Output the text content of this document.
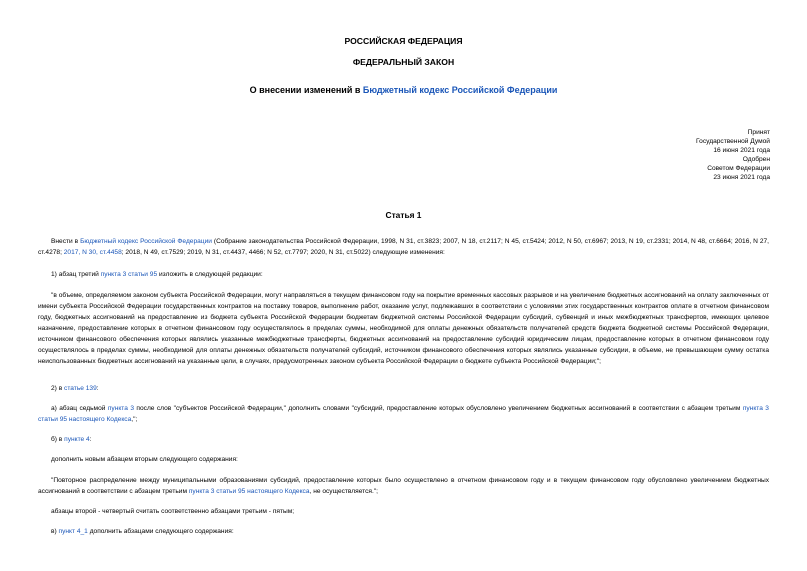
РОССИЙСКАЯ ФЕДЕРАЦИЯ
ФЕДЕРАЛЬНЫЙ ЗАКОН
О внесении изменений в Бюджетный кодекс Российской Федерации
Принят
Государственной Думой
16 июня 2021 года
Одобрен
Советом Федерации
23 июня 2021 года
Статья 1

Внести в Бюджетный кодекс Российской Федерации (Собрание законодательства Российской Федерации, 1998, N 31, ст.3823; 2007, N 18, ст.2117; N 45, ст.5424; 2012, N 50, ст.6967; 2013, N 19, ст.2331; 2014, N 48, ст.6664; 2016, N 27, ст.4278; 2017, N 30, ст.4458; 2018, N 49, ст.7529; 2019, N 31, ст.4437, 4466; N 52, ст.7797; 2020, N 31, ст.5022) следующие изменения:

1) абзац третий пункта 3 статьи 95 изложить в следующей редакции:

"в объеме, определяемом законом субъекта Российской Федерации, могут направляться в текущем финансовом году на покрытие временных кассовых разрывов и на увеличение бюджетных ассигнований на оплату заключенных от имени субъекта Российской Федерации государственных контрактов на поставку товаров, выполнение работ, оказание услуг, подлежавших в соответствии с условиями этих государственных контрактов оплате в отчетном финансовом году, бюджетных ассигнований на предоставление из бюджета субъекта Российской Федерации бюджетам бюджетной системы Российской Федерации субсидий, субвенций и иных межбюджетных трансфертов, имеющих целевое назначение, предоставление которых в отчетном финансовом году осуществлялось в пределах суммы, необходимой для оплаты денежных обязательств получателей средств бюджета бюджетной системы Российской Федерации, источником финансового обеспечения которых являлись указанные межбюджетные трансферты, бюджетных ассигнований на предоставление субсидий юридическим лицам, предоставление которых в отчетном финансовом году осуществлялось в пределах суммы, необходимой для оплаты денежных обязательств получателей субсидий, источником финансового обеспечения которых являлись указанные субсидии, в объеме, не превышающем сумму остатка неиспользованных бюджетных ассигнований на указанные цели, в случаях, предусмотренных законом субъекта Российской Федерации о бюджете субъекта Российской Федерации;";

2) в статье 139:

а) абзац седьмой пункта 3 после слов "субъектов Российской Федерации," дополнить словами "субсидий, предоставление которых обусловлено увеличением бюджетных ассигнований в соответствии с абзацем третьим пункта 3 статьи 95 настоящего Кодекса,";

б) в пункте 4:

дополнить новым абзацем вторым следующего содержания:

"Повторное распределение между муниципальными образованиями субсидий, предоставление которых было осуществлено в отчетном финансовом году и в текущем финансовом году обусловлено увеличением бюджетных ассигнований в соответствии с абзацем третьим пункта 3 статьи 95 настоящего Кодекса, не осуществляется.";

абзацы второй - четвертый считать соответственно абзацами третьим - пятым;

в) пункт 4_1 дополнить абзацами следующего содержания:
